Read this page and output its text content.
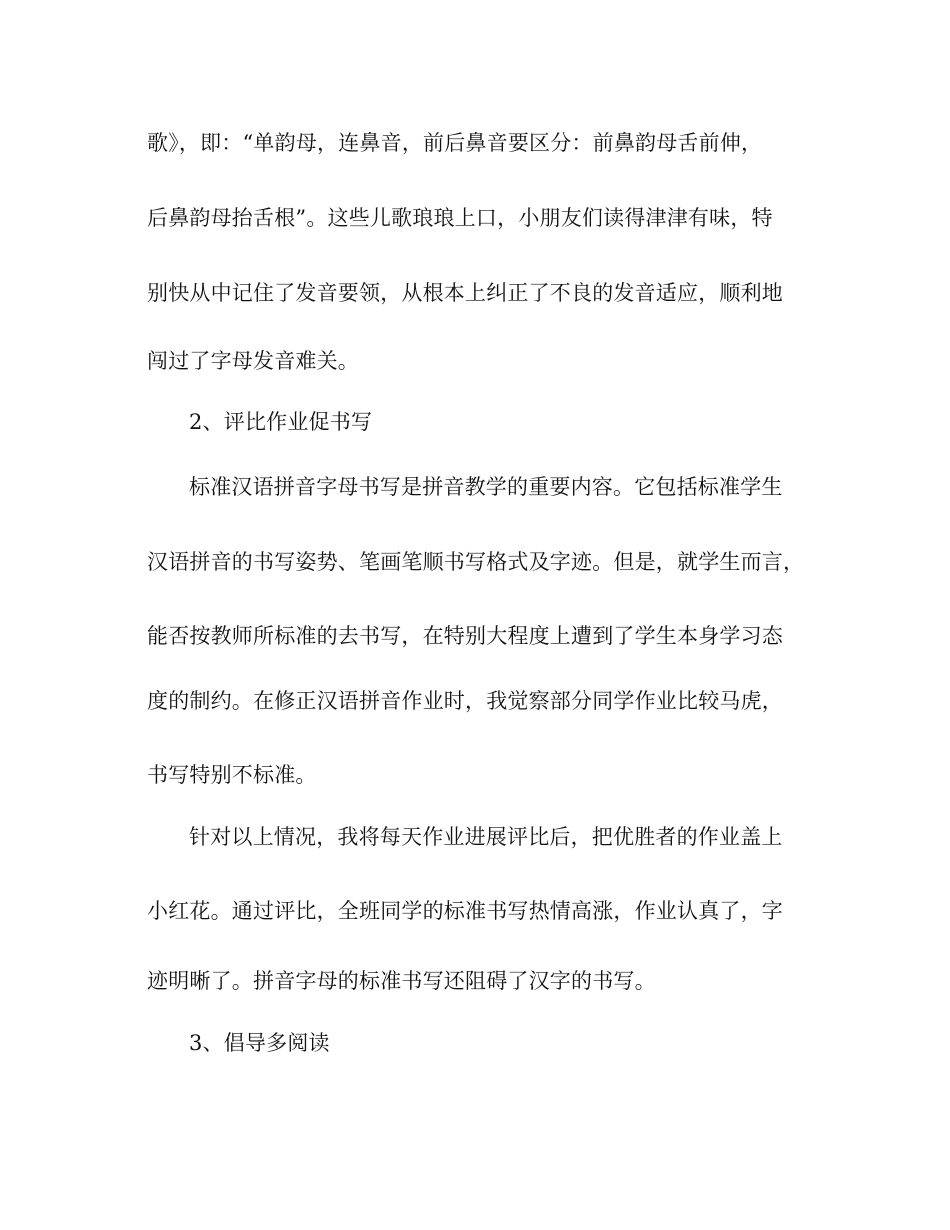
歌》，即：“单韵母，连鼻音，前后鼻音要区分：前鼻韵母舌前伸，
后鼻韵母抬舌根”。这些儿歌琅琅上口，小朋友们读得津津有味，特
别快从中记住了发音要领，从根本上纠正了不良的发音适应，顺利地
闯过了字母发音难关。
2、评比作业促书写
标准汉语拼音字母书写是拼音教学的重要内容。它包括标准学生
汉语拼音的书写姿势、笔画笔顺书写格式及字迹。但是，就学生而言，
能否按教师所标准的去书写，在特别大程度上遭到了学生本身学习态
度的制约。在修正汉语拼音作业时，我觉察部分同学作业比较马虎，
书写特别不标准。
针对以上情况，我将每天作业进展评比后，把优胜者的作业盖上
小红花。通过评比，全班同学的标准书写热情高涨，作业认真了，字
迹明晰了。拼音字母的标准书写还阻碍了汉字的书写。
3、倡导多阅读
